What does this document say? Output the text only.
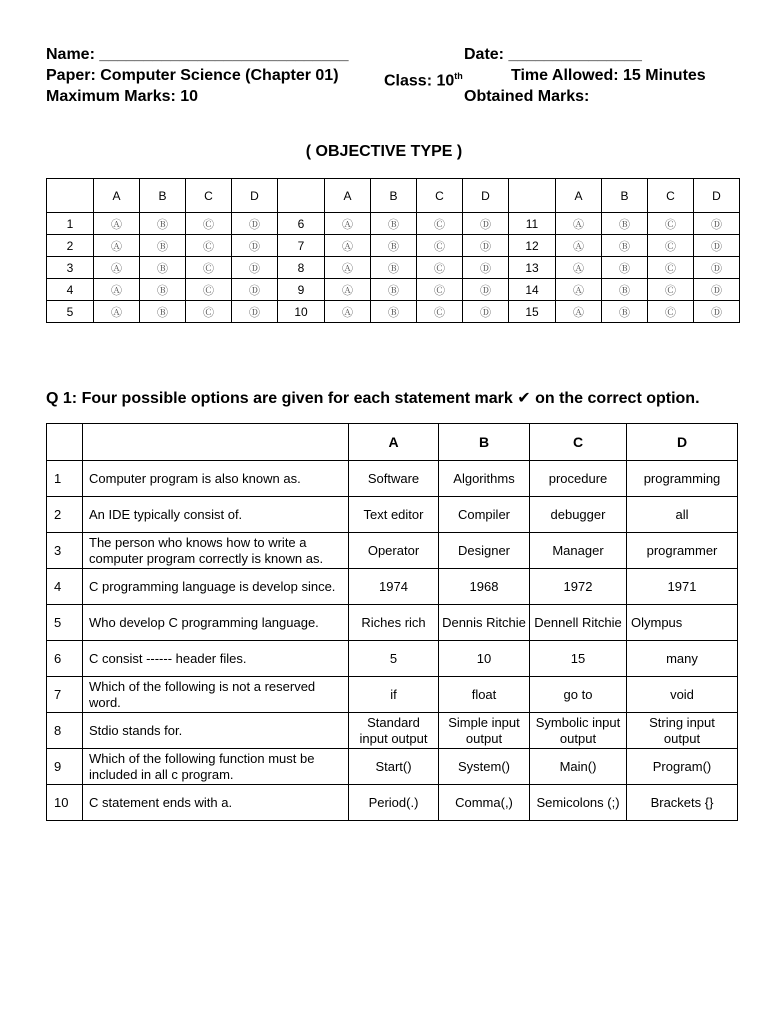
Name: ____________________________	Date: _______________
Paper: Computer Science (Chapter 01)	Class: 10th	Time Allowed: 15 Minutes
Maximum Marks: 10	Obtained Marks:
( OBJECTIVE TYPE )
	A	B	C	D		A	B	C	D		A	B	C	D
1	Ⓐ	Ⓑ	Ⓒ	Ⓓ	6	Ⓐ	Ⓑ	Ⓒ	Ⓓ	11	Ⓐ	Ⓑ	Ⓒ	Ⓓ
2	Ⓐ	Ⓑ	Ⓒ	Ⓓ	7	Ⓐ	Ⓑ	Ⓒ	Ⓓ	12	Ⓐ	Ⓑ	Ⓒ	Ⓓ
3	Ⓐ	Ⓑ	Ⓒ	Ⓓ	8	Ⓐ	Ⓑ	Ⓒ	Ⓓ	13	Ⓐ	Ⓑ	Ⓒ	Ⓓ
4	Ⓐ	Ⓑ	Ⓒ	Ⓓ	9	Ⓐ	Ⓑ	Ⓒ	Ⓓ	14	Ⓐ	Ⓑ	Ⓒ	Ⓓ
5	Ⓐ	Ⓑ	Ⓒ	Ⓓ	10	Ⓐ	Ⓑ	Ⓒ	Ⓓ	15	Ⓐ	Ⓑ	Ⓒ	Ⓓ
Q 1: Four possible options are given for each statement mark ✔ on the correct option.
		A	B	C	D
1	Computer program is also known as.	Software	Algorithms	procedure	programming
2	An IDE typically consist of.	Text editor	Compiler	debugger	all
3	The person who knows how to write a computer program correctly is known as.	Operator	Designer	Manager	programmer
4	C programming language is develop since.	1974	1968	1972	1971
5	Who develop C programming language.	Riches rich	Dennis Ritchie	Dennell Ritchie	Olympus
6	C consist ------ header files.	5	10	15	many
7	Which of the following is not a reserved word.	if	float	go to	void
8	Stdio stands for.	Standard input output	Simple input output	Symbolic input output	String input output
9	Which of the following function must be included in all c program.	Start()	System()	Main()	Program()
10	C statement ends with a.	Period(.)	Comma(,)	Semicolons (;)	Brackets {}
